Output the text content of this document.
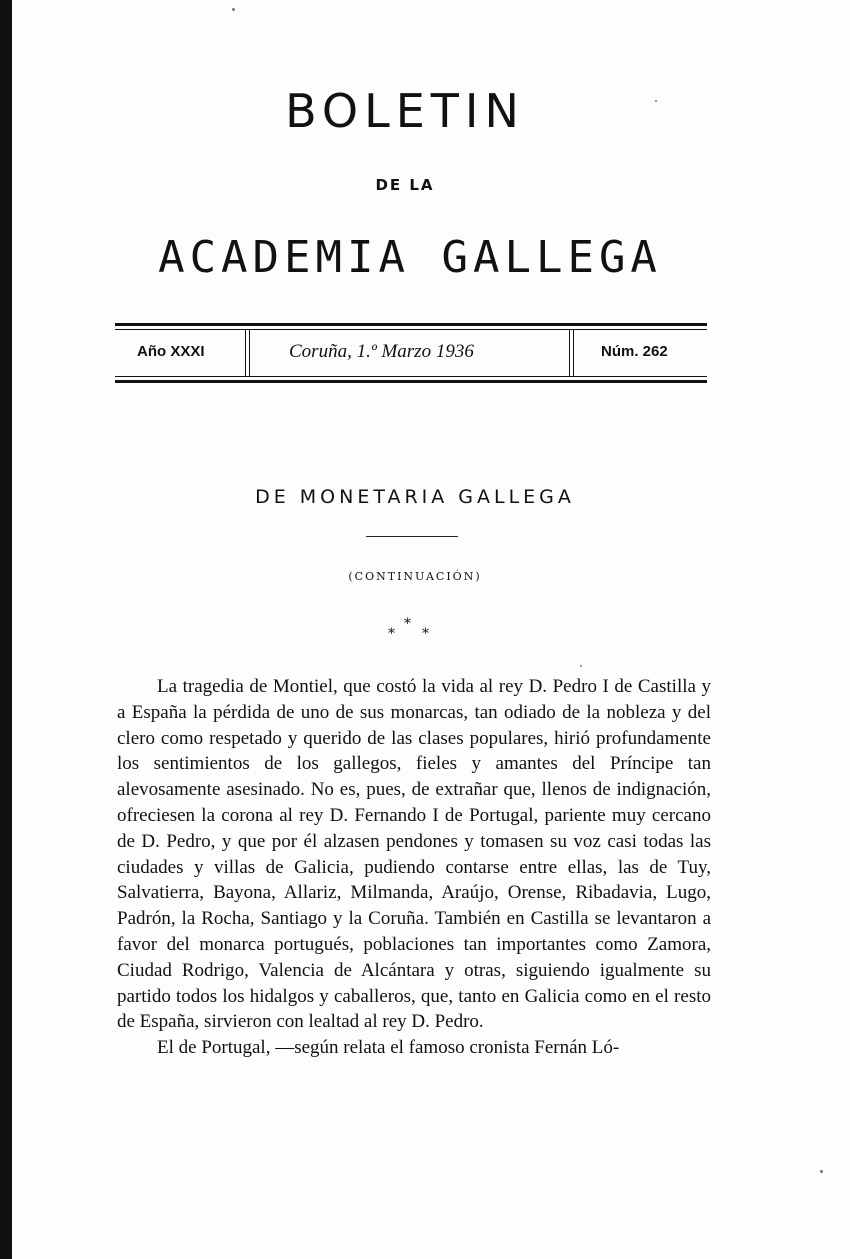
BOLETIN
DE LA
ACADEMIA GALLEGA
Año XXXI	Coruña, 1.º Marzo 1936	Núm. 262
DE MONETARIA GALLEGA
(CONTINUACIÓN)
*
*
*

La tragedia de Montiel, que costó la vida al rey D. Pedro I de Castilla y a España la pérdida de uno de sus monarcas, tan odiado de la nobleza y del clero como respetado y querido de las clases populares, hirió profundamente los sentimientos de los gallegos, fieles y amantes del Príncipe tan alevosamente asesinado. No es, pues, de extrañar que, llenos de indignación, ofreciesen la corona al rey D. Fernando I de Portugal, pariente muy cercano de D. Pedro, y que por él alzasen pendones y tomasen su voz casi todas las ciudades y villas de Galicia, pudiendo contarse entre ellas, las de Tuy, Salvatierra, Bayona, Allariz, Milmanda, Araújo, Orense, Ribadavia, Lugo, Padrón, la Rocha, Santiago y la Coruña. También en Castilla se levantaron a favor del monarca portugués, poblaciones tan importantes como Zamora, Ciudad Rodrigo, Valencia de Alcántara y otras, siguiendo igualmente su partido todos los hidalgos y caballeros, que, tanto en Galicia como en el resto de España, sirvieron con lealtad al rey D. Pedro.

El de Portugal, —según relata el famoso cronista Fernán Ló-
